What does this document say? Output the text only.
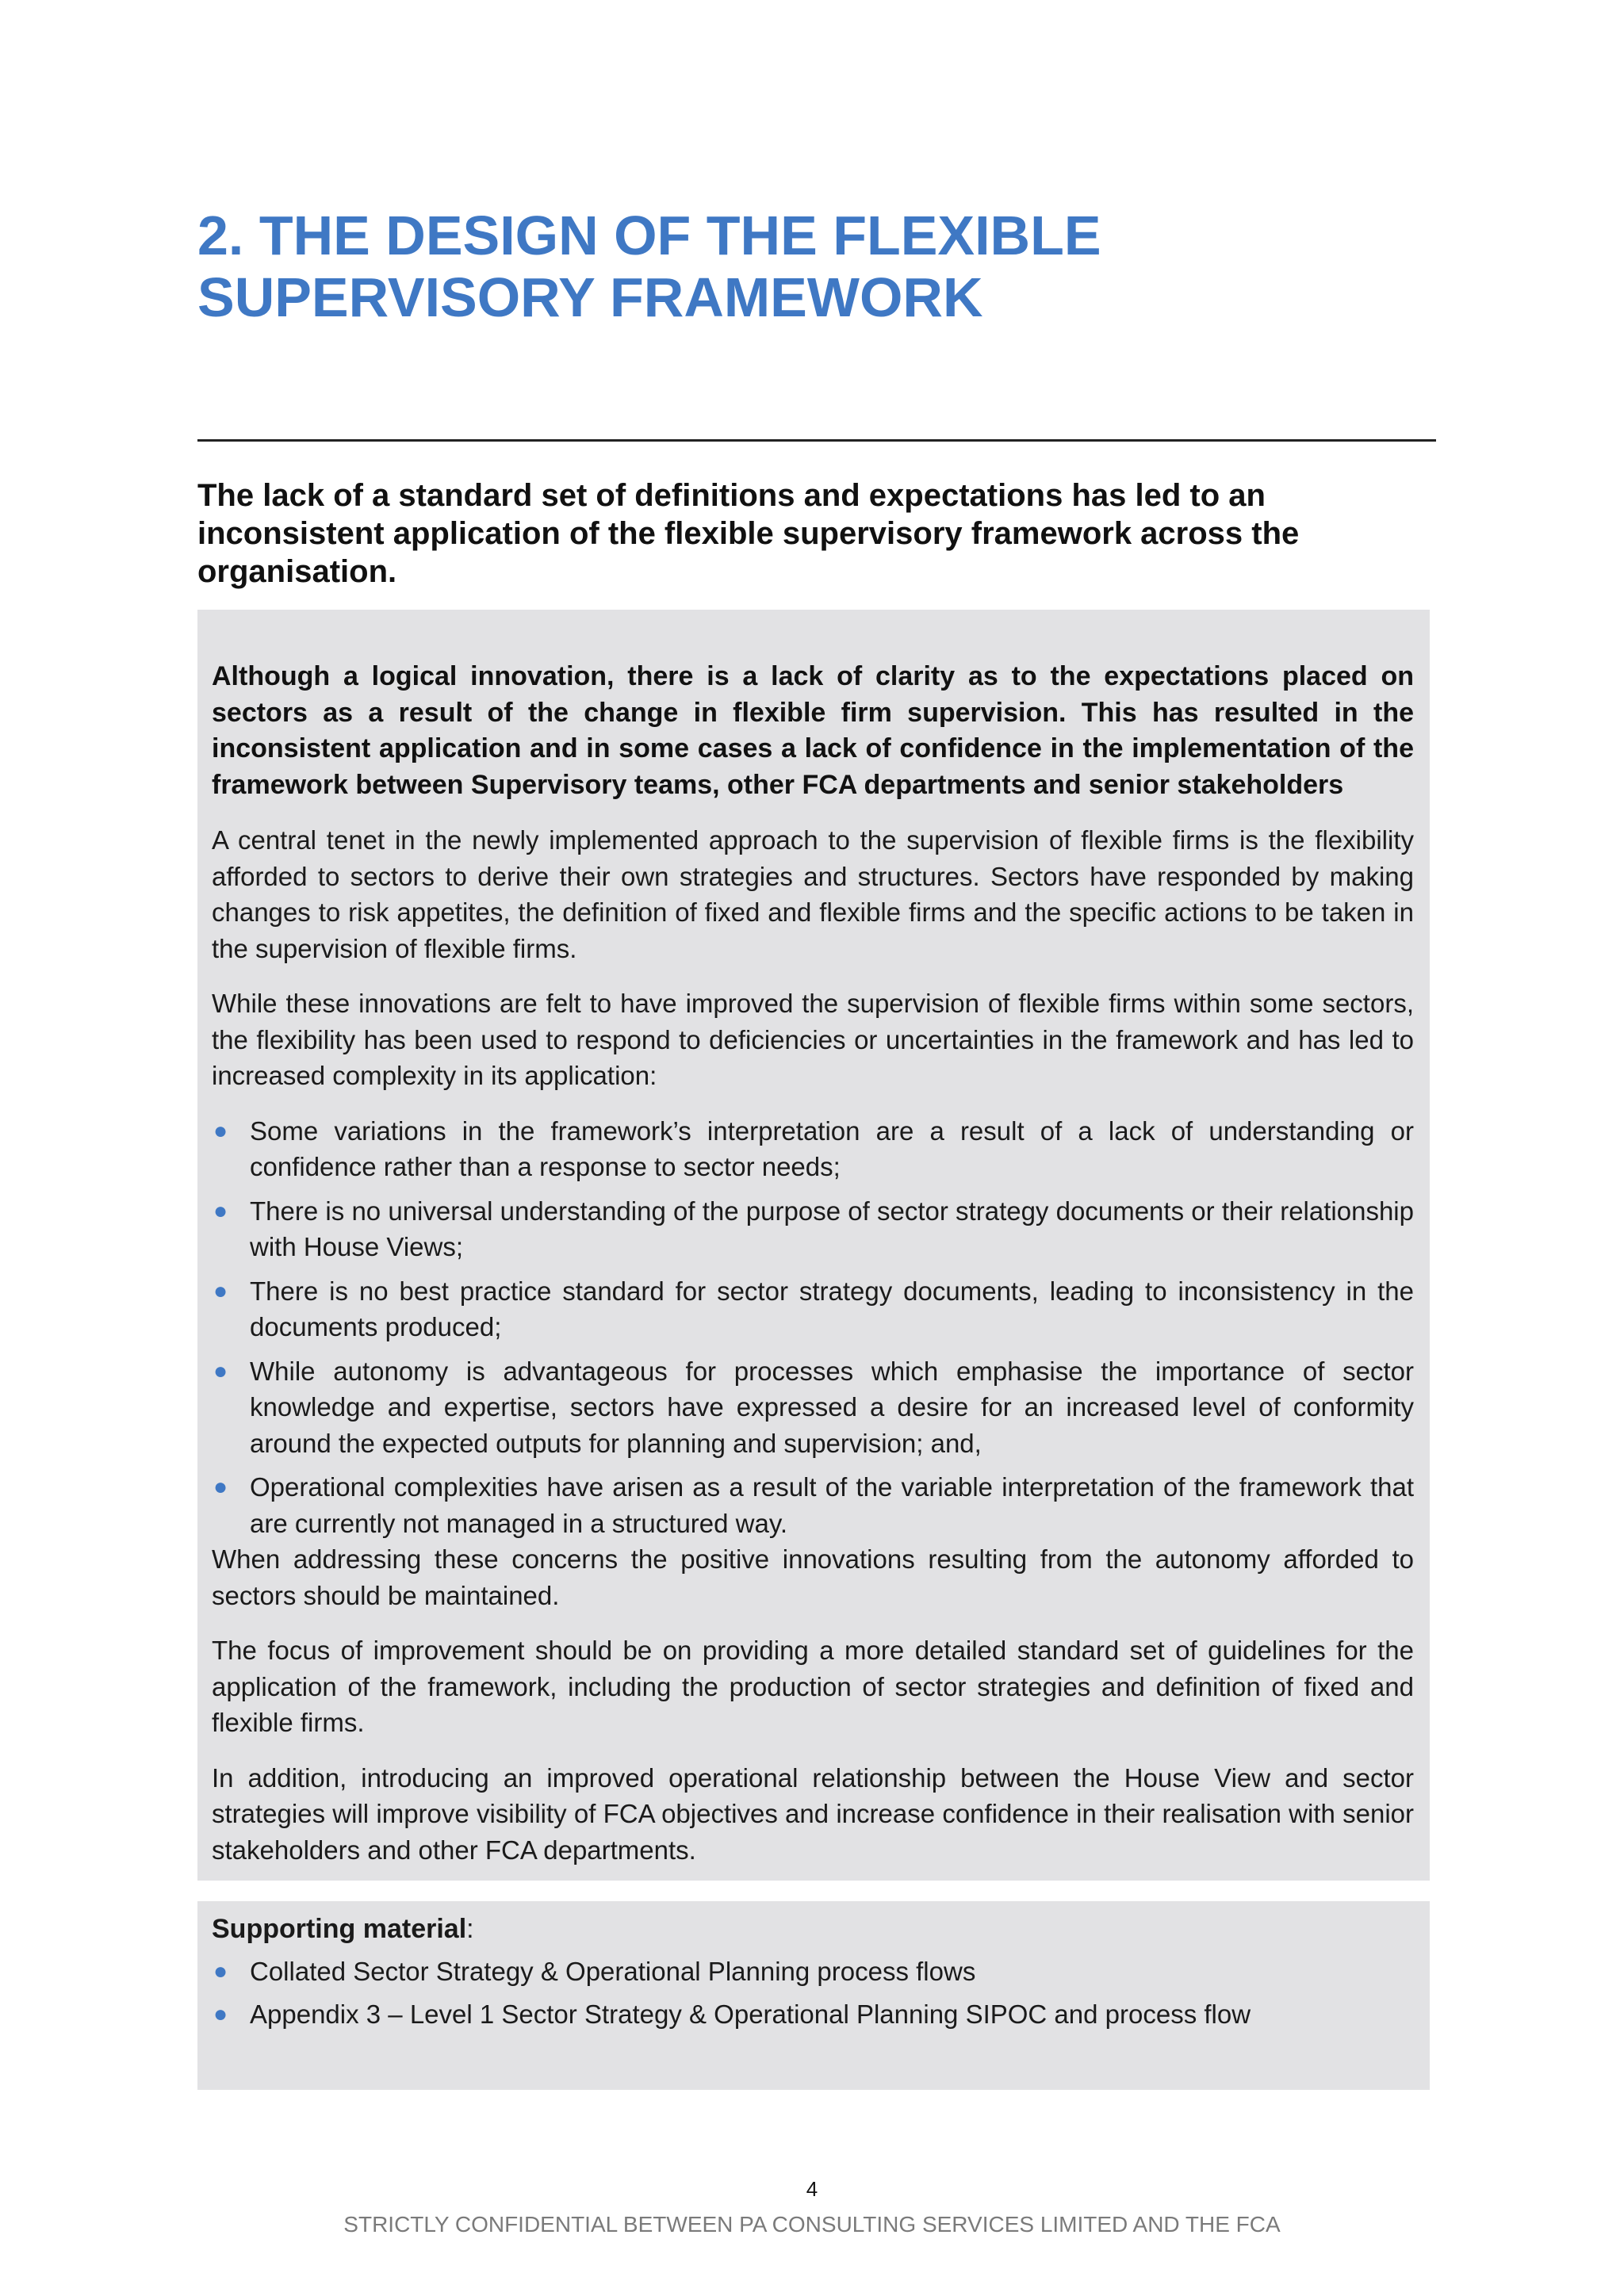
2. THE DESIGN OF THE FLEXIBLE SUPERVISORY FRAMEWORK
The lack of a standard set of definitions and expectations has led to an inconsistent application of the flexible supervisory framework across the organisation.

Although a logical innovation, there is a lack of clarity as to the expectations placed on sectors as a result of the change in flexible firm supervision. This has resulted in the inconsistent application and in some cases a lack of confidence in the implementation of the framework between Supervisory teams, other FCA departments and senior stakeholders

A central tenet in the newly implemented approach to the supervision of flexible firms is the flexibility afforded to sectors to derive their own strategies and structures. Sectors have responded by making changes to risk appetites, the definition of fixed and flexible firms and the specific actions to be taken in the supervision of flexible firms.

While these innovations are felt to have improved the supervision of flexible firms within some sectors, the flexibility has been used to respond to deficiencies or uncertainties in the framework and has led to increased complexity in its application:

● Some variations in the framework’s interpretation are a result of a lack of understanding or confidence rather than a response to sector needs;
● There is no universal understanding of the purpose of sector strategy documents or their relationship with House Views;
● There is no best practice standard for sector strategy documents, leading to inconsistency in the documents produced;
● While autonomy is advantageous for processes which emphasise the importance of sector knowledge and expertise, sectors have expressed a desire for an increased level of conformity around the expected outputs for planning and supervision; and,
● Operational complexities have arisen as a result of the variable interpretation of the framework that are currently not managed in a structured way.

When addressing these concerns the positive innovations resulting from the autonomy afforded to sectors should be maintained.

The focus of improvement should be on providing a more detailed standard set of guidelines for the application of the framework, including the production of sector strategies and definition of fixed and flexible firms.

In addition, introducing an improved operational relationship between the House View and sector strategies will improve visibility of FCA objectives and increase confidence in their realisation with senior stakeholders and other FCA departments.

Supporting material:

● Collated Sector Strategy & Operational Planning process flows
● Appendix 3 – Level 1 Sector Strategy & Operational Planning SIPOC and process flow
4
STRICTLY CONFIDENTIAL BETWEEN PA CONSULTING SERVICES LIMITED AND THE FCA
